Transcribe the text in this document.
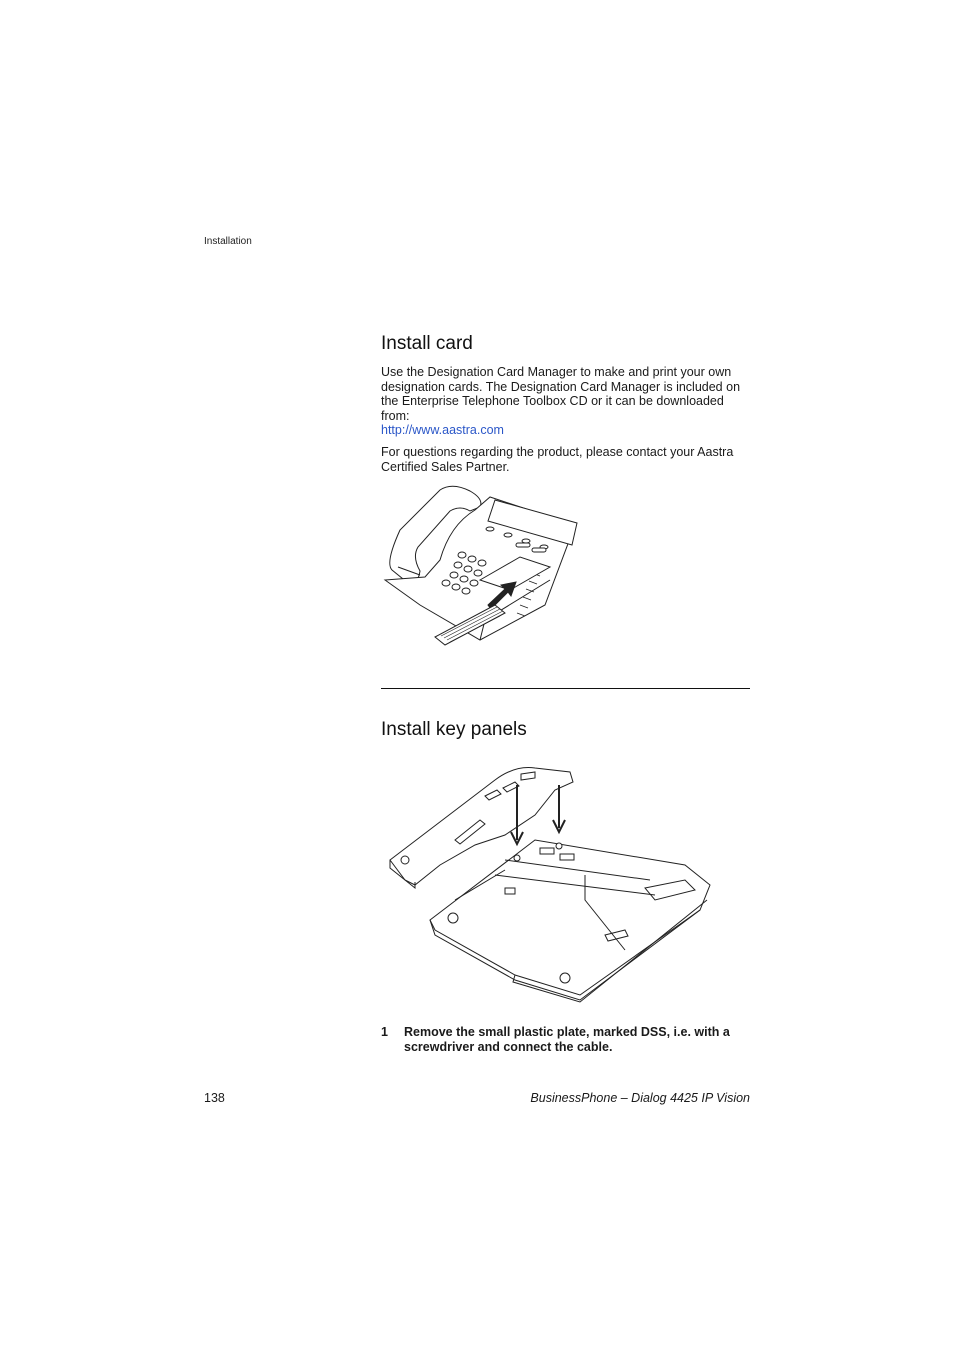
Installation
Install card
Use the Designation Card Manager to make and print your own designation cards. The Designation Card Manager is included on the Enterprise Telephone Toolbox CD or it can be downloaded from:
http://www.aastra.com
For questions regarding the product, please contact your Aastra Certified Sales Partner.
Install key panels
1 Remove the small plastic plate, marked DSS, i.e. with a screwdriver and connect the cable.
138	BusinessPhone – Dialog 4425 IP Vision
